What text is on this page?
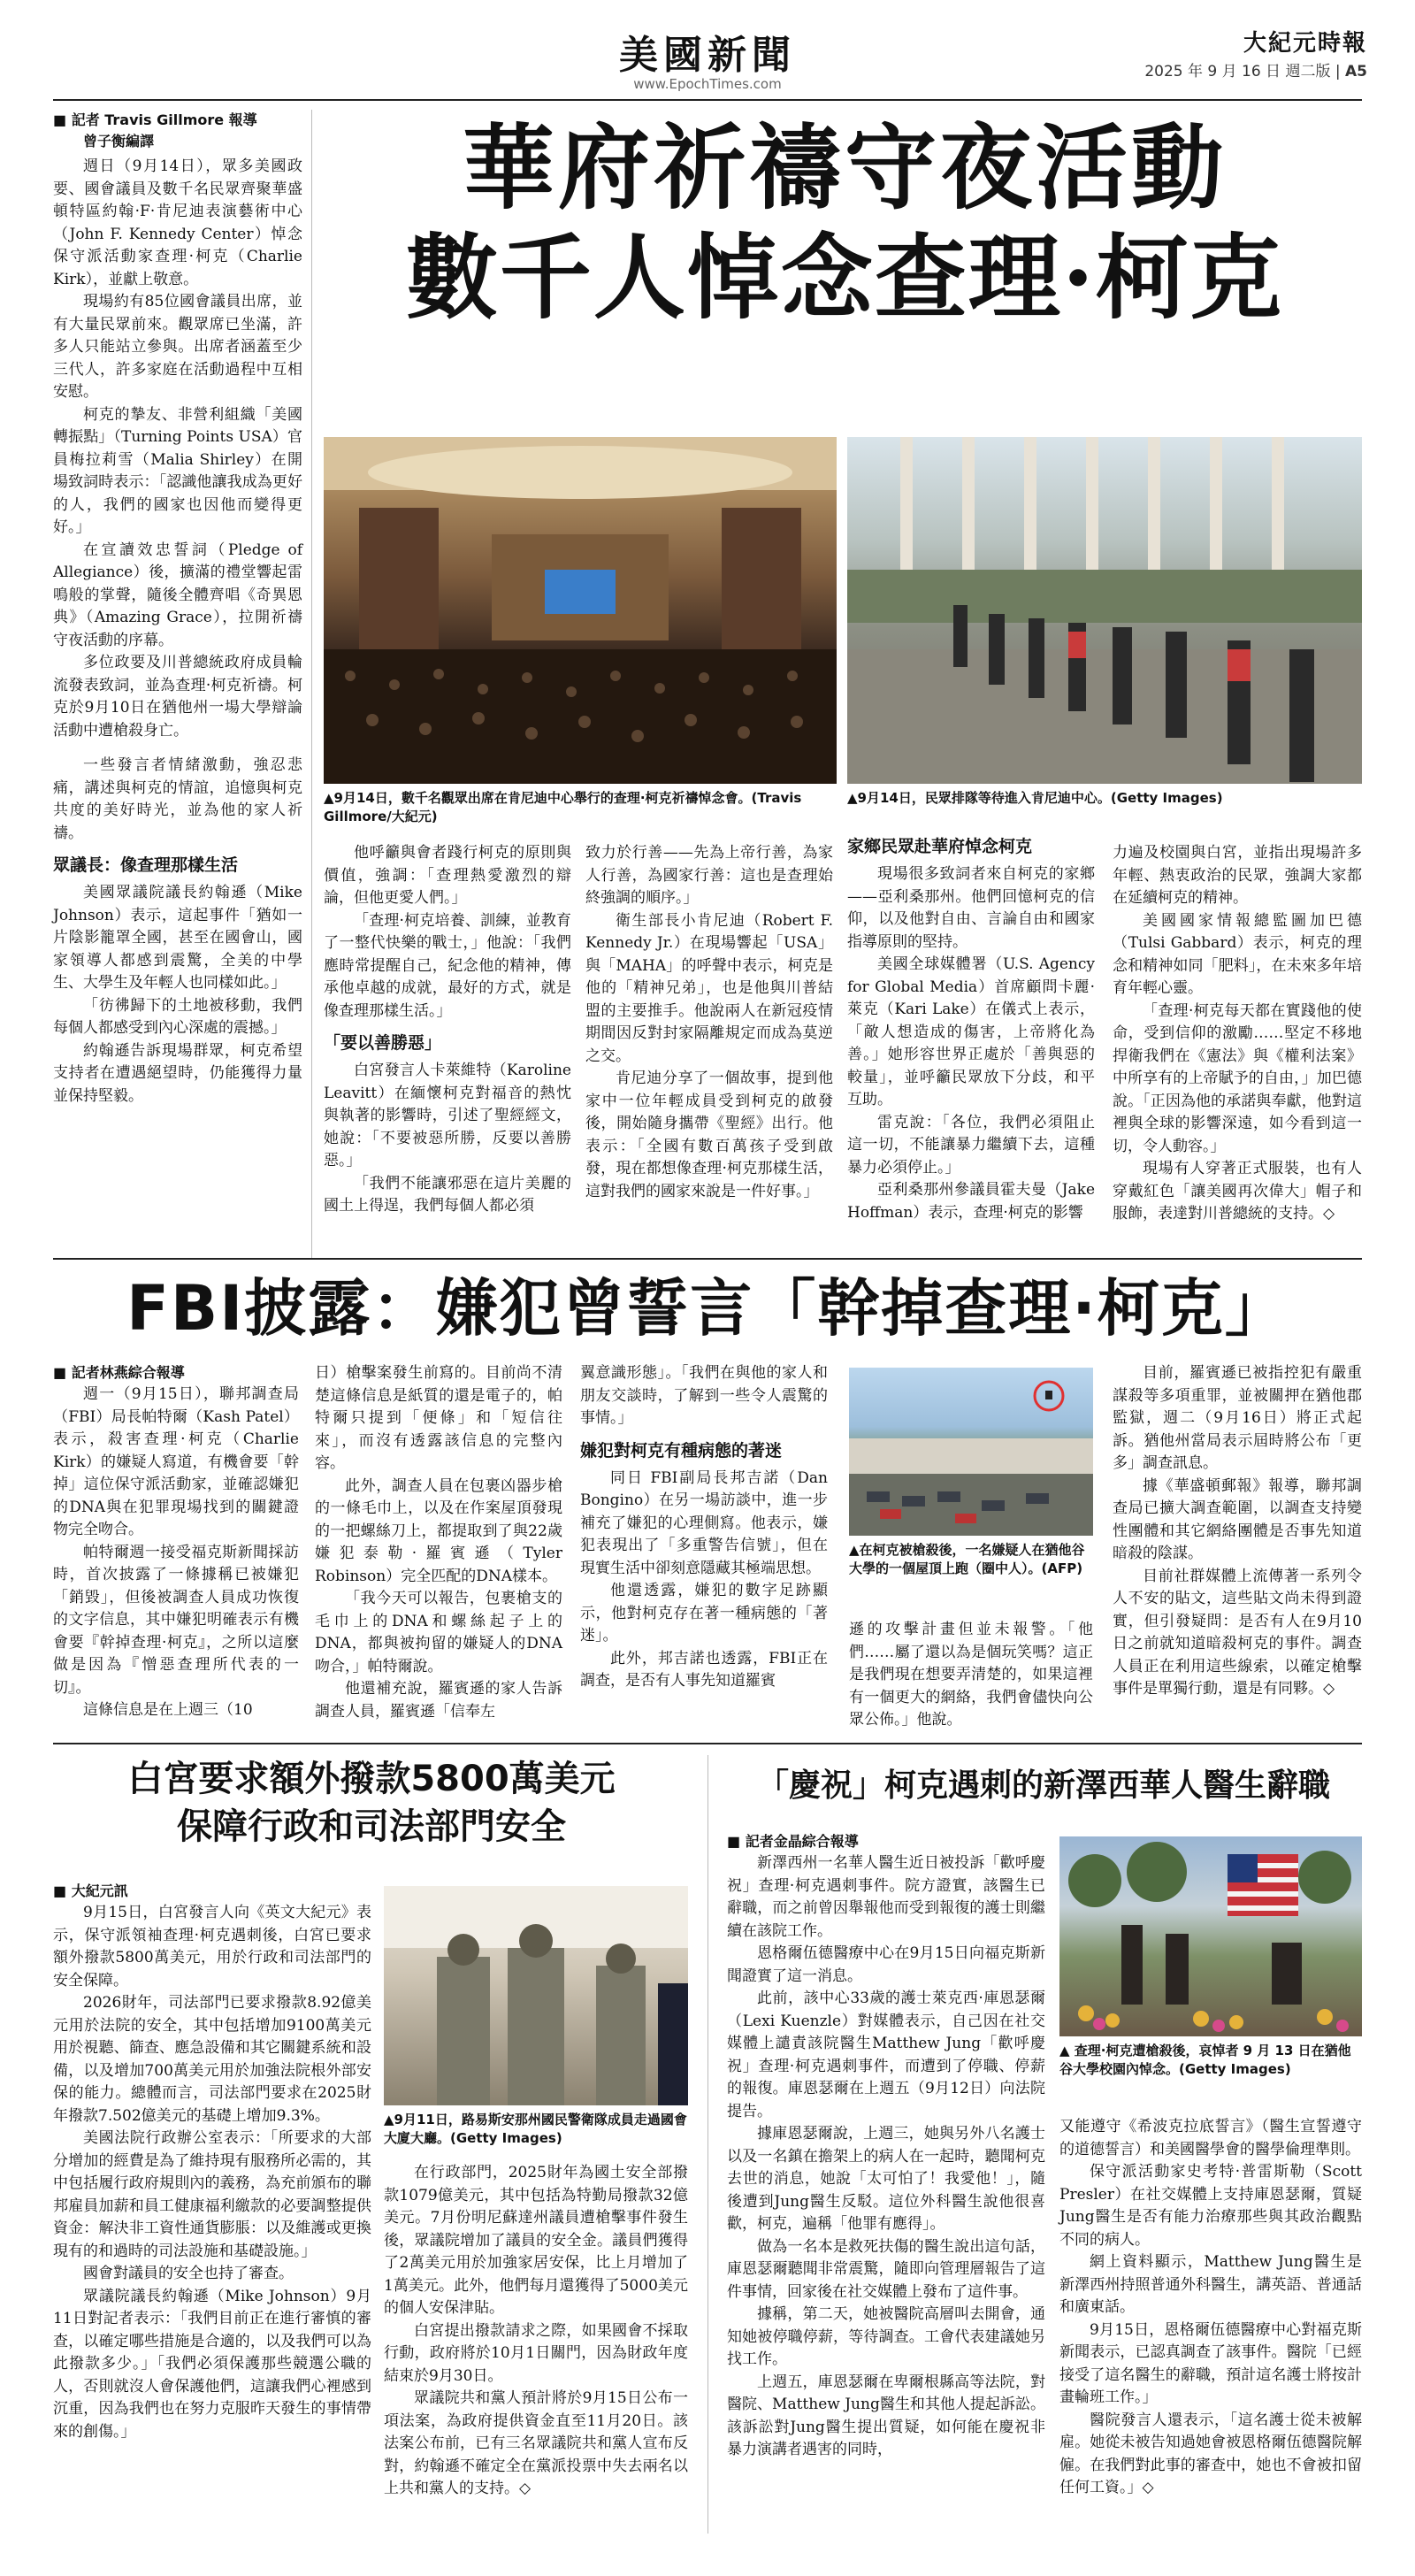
美國新聞
www.EpochTimes.com
大紀元時報
2025 年 9 月 16 日 週二版 | A5
■ 記者 Travis Gillmore 報導
曾子衡編譯

週日（9月14日），眾多美國政要、國會議員及數千名民眾齊聚華盛頓特區約翰·F·肯尼迪表演藝術中心（John F. Kennedy Center）悼念保守派活動家查理·柯克（Charlie Kirk），並獻上敬意。

現場約有85位國會議員出席，並有大量民眾前來。觀眾席已坐滿，許多人只能站立參與。出席者涵蓋至少三代人，許多家庭在活動過程中互相安慰。

柯克的摯友、非營利組織「美國轉振點」（Turning Points USA）官員梅拉莉雪（Malia Shirley）在開場致詞時表示：「認識他讓我成為更好的人，我們的國家也因他而變得更好。」

在宣讀效忠誓詞（Pledge of Allegiance）後，擴滿的禮堂響起雷鳴般的掌聲，隨後全體齊唱《奇異恩典》（Amazing Grace），拉開祈禱守夜活動的序幕。

多位政要及川普總統政府成員輪流發表致詞，並為查理·柯克祈禱。柯克於9月10日在猶他州一場大學辯論活動中遭槍殺身亡。

一些發言者情緒激動，強忍悲痛，講述與柯克的情誼，追憶與柯克共度的美好時光，並為他的家人祈禱。

眾議長：像查理那樣生活

美國眾議院議長約翰遜（Mike Johnson）表示，這起事件「猶如一片陰影籠罩全國，甚至在國會山，國家領導人都感到震驚，全美的中學生、大學生及年輕人也同樣如此。」

「彷彿歸下的土地被移動，我們每個人都感受到內心深處的震撼。」

約翰遜告訴現場群眾，柯克希望支持者在遭遇絕望時，仍能獲得力量並保持堅毅。

華府祈禱守夜活動
數千人悼念查理·柯克
▲9月14日，數千名觀眾出席在肯尼迪中心舉行的查理·柯克祈禱悼念會。(Travis Gillmore/大紀元)
▲9月14日，民眾排隊等待進入肯尼迪中心。(Getty Images)

他呼籲與會者踐行柯克的原則與價值，強調：「查理熱愛激烈的辯論，但他更愛人們。」

「查理·柯克培養、訓練，並教育了一整代快樂的戰士，」他說：「我們應時常提醒自己，紀念他的精神，傳承他卓越的成就，最好的方式，就是像查理那樣生活。」

「要以善勝惡」

白宮發言人卡萊維特（Karoline Leavitt）在緬懷柯克對福音的熱忱與執著的影響時，引述了聖經經文，她說：「不要被惡所勝，反要以善勝惡。」

「我們不能讓邪惡在這片美麗的國土上得逞，我們每個人都必須

致力於行善——先為上帝行善，為家人行善，為國家行善：這也是查理始終強調的順序。」

衛生部長小肯尼迪（Robert F. Kennedy Jr.）在現場響起「USA」與「MAHA」的呼聲中表示，柯克是他的「精神兄弟」，也是他與川普結盟的主要推手。他說兩人在新冠疫情期間因反對封家隔離規定而成為莫逆之交。

肯尼迪分享了一個故事，提到他家中一位年輕成員受到柯克的啟發後，開始隨身攜帶《聖經》出行。他表示：「全國有數百萬孩子受到啟發，現在都想像查理·柯克那樣生活，這對我們的國家來說是一件好事。」

家鄉民眾赴華府悼念柯克

現場很多致詞者來自柯克的家鄉——亞利桑那州。他們回憶柯克的信仰，以及他對自由、言論自由和國家指導原則的堅持。

美國全球媒體署（U.S. Agency for Global Media）首席顧問卡麗·萊克（Kari Lake）在儀式上表示，「敵人想造成的傷害，上帝將化為善。」她形容世界正處於「善與惡的較量」，並呼籲民眾放下分歧，和平互助。

雷克說：「各位，我們必須阻止這一切，不能讓暴力繼續下去，這種暴力必須停止。」

亞利桑那州參議員霍夫曼（Jake Hoffman）表示，查理·柯克的影響

力遍及校園與白宮，並指出現場許多年輕、熱衷政治的民眾，強調大家都在延續柯克的精神。

美國國家情報總監圖加巴德（Tulsi Gabbard）表示，柯克的理念和精神如同「肥料」，在未來多年培育年輕心靈。

「查理·柯克每天都在實踐他的使命，受到信仰的激勵……堅定不移地捍衛我們在《憲法》與《權利法案》中所享有的上帝賦予的自由，」加巴德說。「正因為他的承諾與奉獻，他對這裡與全球的影響深遠，如今看到這一切，令人動容。」

現場有人穿著正式服裝，也有人穿戴紅色「讓美國再次偉大」帽子和服飾，表達對川普總統的支持。◇

FBI披露：嫌犯曾誓言「幹掉查理·柯克」
■ 記者林燕綜合報導

週一（9月15日），聯邦調查局（FBI）局長帕特爾（Kash Patel）表示，殺害查理·柯克（Charlie Kirk）的嫌疑人寫道，有機會要「幹掉」這位保守派活動家，並確認嫌犯的DNA與在犯罪現場找到的關鍵證物完全吻合。

帕特爾週一接受福克斯新聞採訪時，首次披露了一條據稱已被嫌犯「銷毀」，但後被調查人員成功恢復的文字信息，其中嫌犯明確表示有機會要『幹掉查理·柯克』，之所以這麼做是因為『憎惡查理所代表的一切』。

這條信息是在上週三（10

日）槍擊案發生前寫的。目前尚不清楚這條信息是紙質的還是電子的，帕特爾只提到「便條」和「短信往來」，而沒有透露該信息的完整內容。

此外，調查人員在包裹凶器步槍的一條毛巾上，以及在作案屋頂發現的一把螺絲刀上，都提取到了與22歲嫌犯泰勒·羅賓遜（Tyler Robinson）完全匹配的DNA樣本。

「我今天可以報告，包裹槍支的毛巾上的DNA和螺絲起子上的DNA，都與被拘留的嫌疑人的DNA吻合，」帕特爾說。

他還補充說，羅賓遜的家人告訴調查人員，羅賓遜「信奉左

翼意識形態」。「我們在與他的家人和朋友交談時，了解到一些令人震驚的事情。」

嫌犯對柯克有種病態的著迷

同日 FBI副局長邦吉諾（Dan Bongino）在另一場訪談中，進一步補充了嫌犯的心理側寫。他表示，嫌犯表現出了「多重警告信號」，但在現實生活中卻刻意隱藏其極端思想。

他還透露，嫌犯的數字足跡顯示，他對柯克存在著一種病態的「著迷」。

此外，邦吉諾也透露，FBI正在調查，是否有人事先知道羅賓

▲在柯克被槍殺後，一名嫌疑人在猶他谷大學的一個屋頂上跑（圈中人）。(AFP)

遜的攻擊計畫但並未報警。「他們……屬了還以為是個玩笑嗎？這正是我們現在想要弄清楚的，如果這裡有一個更大的網絡，我們會儘快向公眾公佈。」他說。

目前，羅賓遜已被指控犯有嚴重謀殺等多項重罪，並被關押在猶他郡監獄，週二（9月16日）將正式起訴。猶他州當局表示屆時將公布「更多」調查訊息。

據《華盛頓郵報》報導，聯邦調查局已擴大調查範圍，以調查支持變性團體和其它網絡團體是否事先知道暗殺的陰謀。

目前社群媒體上流傳著一系列令人不安的貼文，這些貼文尚未得到證實，但引發疑問：是否有人在9月10日之前就知道暗殺柯克的事件。調查人員正在利用這些線索，以確定槍擊事件是單獨行動，還是有同夥。◇

白宮要求額外撥款5800萬美元
保障行政和司法部門安全
■ 大紀元訊

9月15日，白宮發言人向《英文大紀元》表示，保守派領袖查理·柯克遇刺後，白宮已要求額外撥款5800萬美元，用於行政和司法部門的安全保障。

2026財年，司法部門已要求撥款8.92億美元用於法院的安全，其中包括增加9100萬美元用於視聽、篩查、應急設備和其它關鍵系統和設備，以及增加700萬美元用於加強法院根外部安保的能力。總體而言，司法部門要求在2025財年撥款7.502億美元的基礎上增加9.3%。

美國法院行政辦公室表示：「所要求的大部分增加的經費是為了維持現有服務所必需的，其中包括履行政府規則內的義務，為充前頒布的聯邦雇員加薪和員工健康福利繳款的必要調整提供資金：解決非工資性通貨膨脹：以及維護或更換現有的和過時的司法設施和基礎設施。」

國會對議員的安全也持了審查。

眾議院議長約翰遜（Mike Johnson）9月11日對記者表示：「我們目前正在進行審慎的審查，以確定哪些措施是合適的，以及我們可以為此撥款多少。」「我們必須保護那些競選公職的人，否則就沒人會保護他們，這讓我們心裡感到沉重，因為我們也在努力克服昨天發生的事情帶來的創傷。」

▲9月11日，路易斯安那州國民警衛隊成員走過國會大廈大廳。(Getty Images)

在行政部門，2025財年為國土安全部撥款1079億美元，其中包括為特勤局撥款32億美元。7月份明尼蘇達州議員遭槍擊事件發生後，眾議院增加了議員的安全金。議員們獲得了2萬美元用於加強家居安保，比上月增加了1萬美元。此外，他們每月還獲得了5000美元的個人安保津貼。

白宮提出撥款請求之際，如果國會不採取行動，政府將於10月1日關門，因為財政年度結束於9月30日。

眾議院共和黨人預計將於9月15日公布一項法案，為政府提供資金直至11月20日。該法案公布前，已有三名眾議院共和黨人宣布反對，約翰遜不確定全在黨派投票中失去兩名以上共和黨人的支持。◇

「慶祝」柯克遇刺的新澤西華人醫生辭職
■ 記者金晶綜合報導

新澤西州一名華人醫生近日被投訴「歡呼慶祝」查理·柯克遇刺事件。院方證實，該醫生已辭職，而之前曾因舉報他而受到報復的護士則繼續在該院工作。

恩格爾伍德醫療中心在9月15日向福克斯新聞證實了這一消息。

此前，該中心33歲的護士萊克西·庫恩瑟爾（Lexi Kuenzle）對媒體表示，自己因在社交媒體上譴責該院醫生Matthew Jung「歡呼慶祝」查理·柯克遇刺事件，而遭到了停職、停薪的報復。庫恩瑟爾在上週五（9月12日）向法院提告。

據庫恩瑟爾說，上週三，她與另外八名護士以及一名鎮在擔架上的病人在一起時，聽聞柯克去世的消息，她說「太可怕了！我愛他！」，隨後遭到Jung醫生反駁。這位外科醫生說他很喜歡，柯克，遍稱「他罪有應得」。

做為一名本是救死扶傷的醫生說出這句話，庫恩瑟爾聽聞非常震驚，隨即向管理層報告了這件事情，回家後在社交媒體上發布了這件事。

據稱，第二天，她被醫院高層叫去開會，通知她被停職停薪，等待調查。工會代表建議她另找工作。

上週五，庫恩瑟爾在卑爾根縣高等法院，對醫院、Matthew Jung醫生和其他人提起訴訟。該訴訟對Jung醫生提出質疑，如何能在慶祝非暴力演講者遇害的同時，

▲ 查理·柯克遭槍殺後，哀悼者 9 月 13 日在猶他谷大學校園內悼念。(Getty Images)

又能遵守《希波克拉底誓言》（醫生宣誓遵守的道德誓言）和美國醫學會的醫學倫理準則。

保守派活動家史考特·普雷斯勒（Scott Presler）在社交媒體上支持庫恩瑟爾，質疑Jung醫生是否有能力治療那些與其政治觀點不同的病人。

網上資料顯示，Matthew Jung醫生是新澤西州持照普通外科醫生，講英語、普通話和廣東話。

9月15日，恩格爾伍德醫療中心對福克斯新聞表示，已認真調查了該事件。醫院「已經接受了這名醫生的辭職，預計這名護士將按計畫輪班工作。」

醫院發言人還表示，「這名護士從未被解雇。她從未被告知過她會被恩格爾伍德醫院解僱。在我們對此事的審查中，她也不會被扣留任何工資。」◇
